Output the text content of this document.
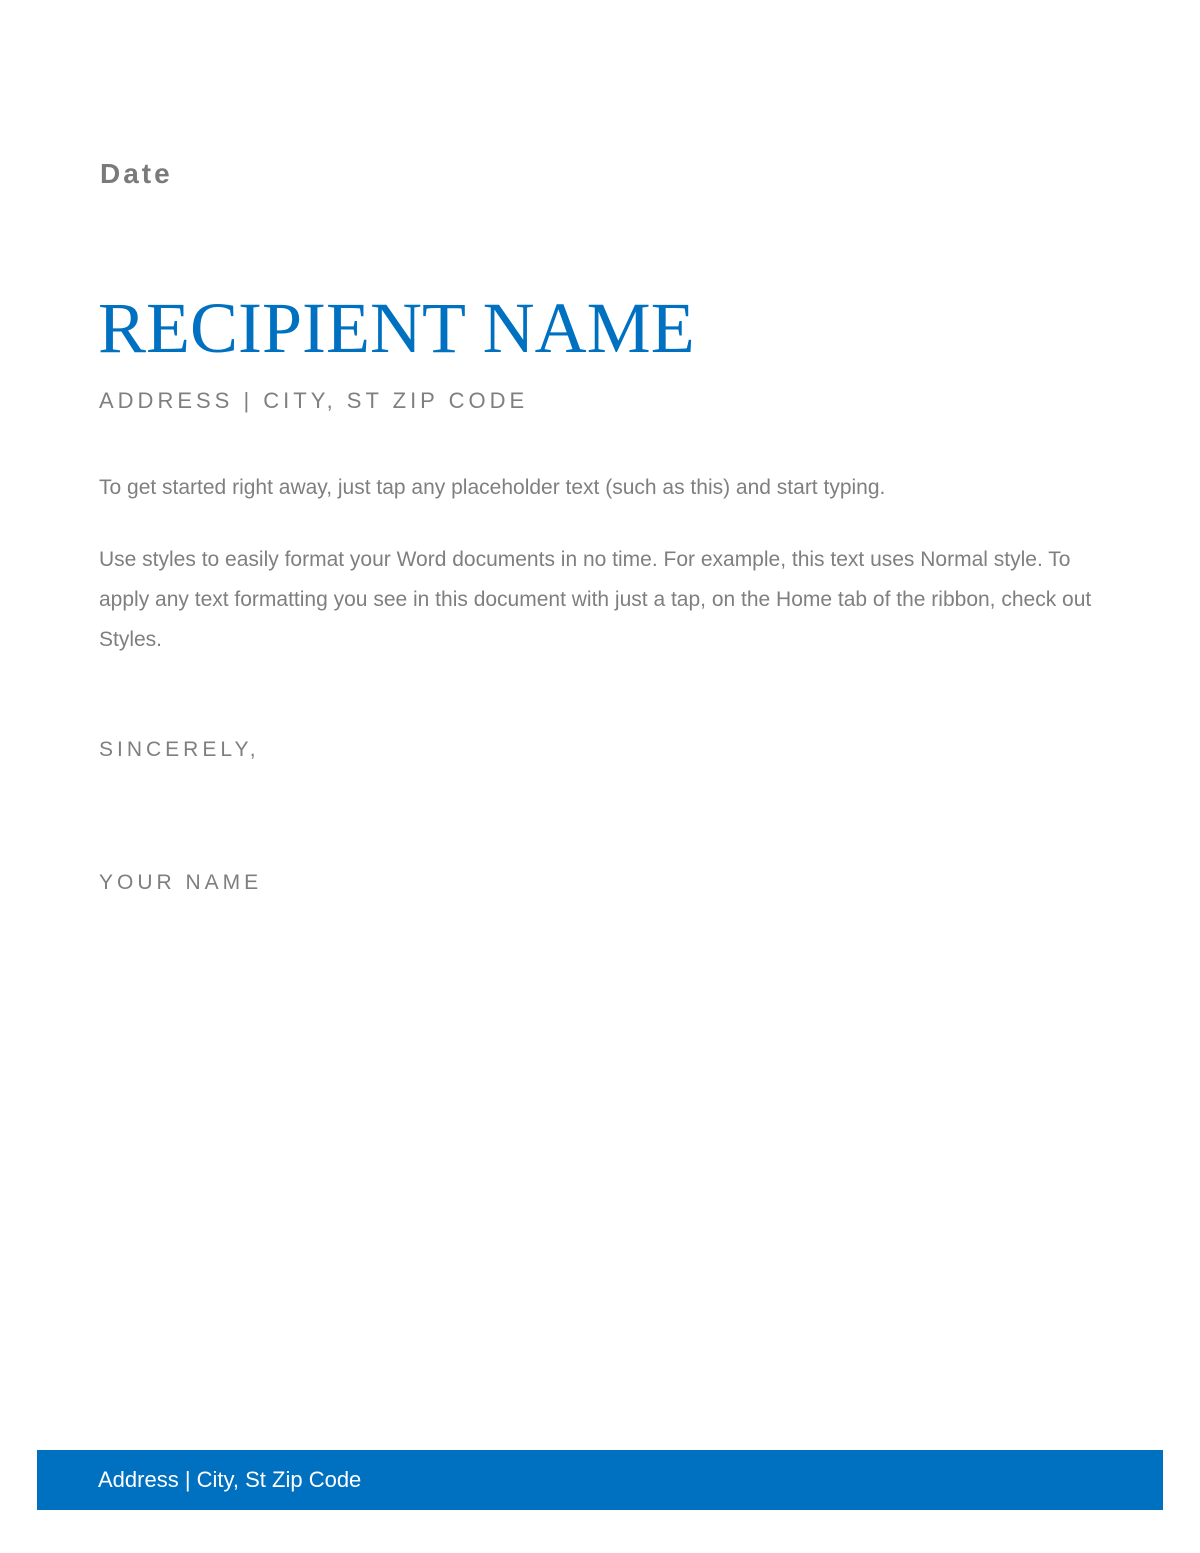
Date
RECIPIENT NAME
ADDRESS | CITY, ST ZIP CODE

To get started right away, just tap any placeholder text (such as this) and start typing.

Use styles to easily format your Word documents in no time. For example, this text uses Normal style. To apply any text formatting you see in this document with just a tap, on the Home tab of the ribbon, check out Styles.

SINCERELY,
YOUR NAME
Address | City, St Zip Code
